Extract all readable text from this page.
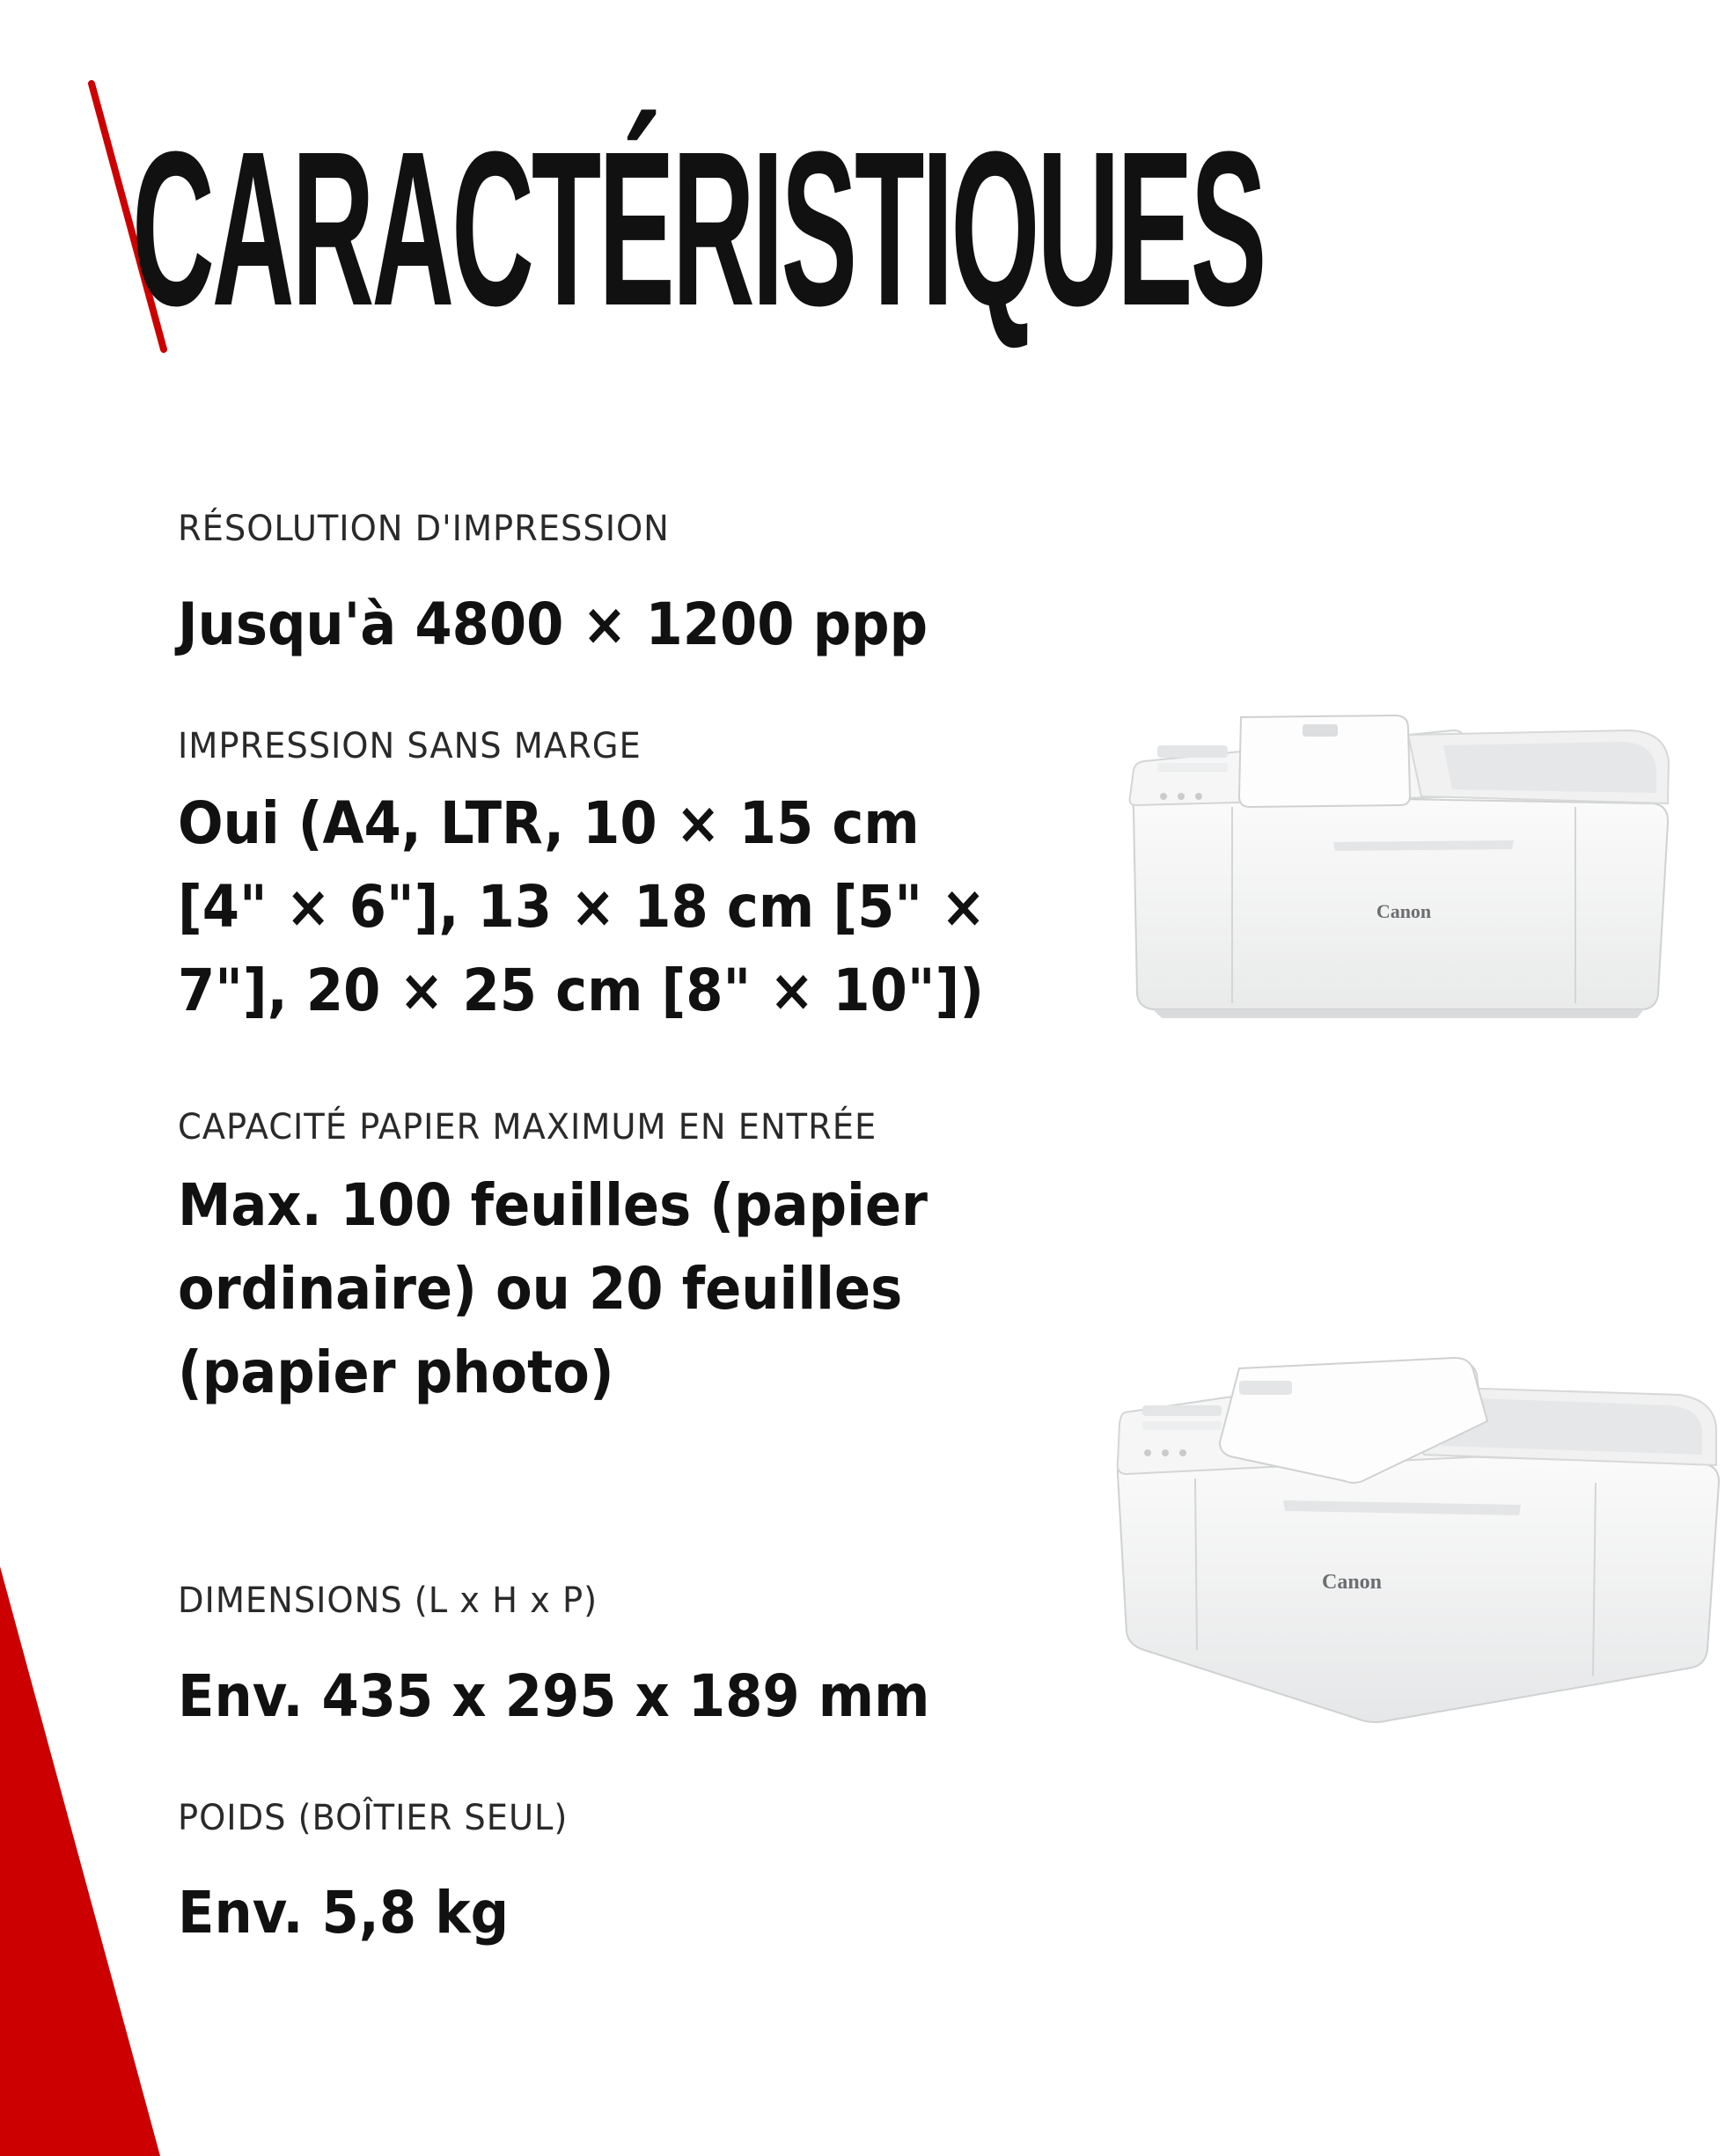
CARACTÉRISTIQUES
RÉSOLUTION D'IMPRESSION
Jusqu'à 4800 × 1200 ppp
IMPRESSION SANS MARGE
Oui (A4, LTR, 10 × 15 cm [4" × 6"], 13 × 18 cm [5" × 7"], 20 × 25 cm [8" × 10"])
CAPACITÉ PAPIER MAXIMUM EN ENTRÉE
Max. 100 feuilles (papier ordinaire) ou 20 feuilles (papier photo)
DIMENSIONS (L x H x P)
Env. 435 x 295 x 189 mm
POIDS (BOÎTIER SEUL)
Env. 5,8 kg
Canon
Canon
